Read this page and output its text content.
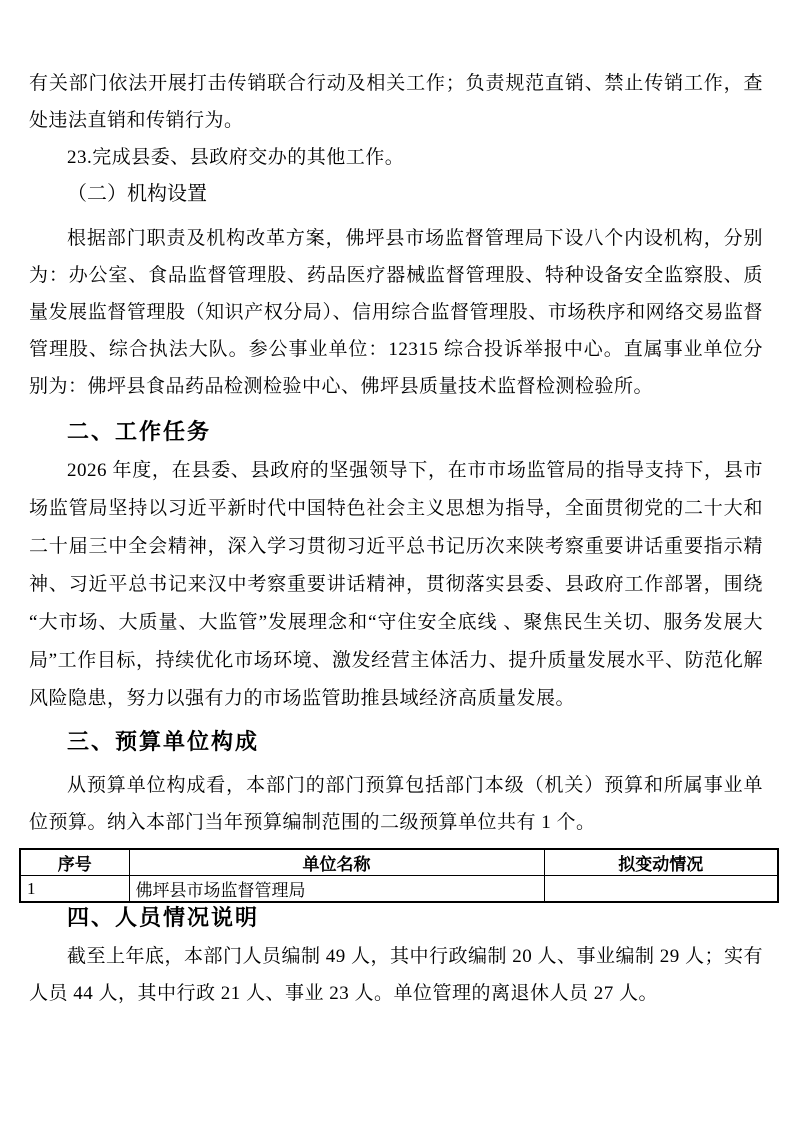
有关部门依法开展打击传销联合行动及相关工作；负责规范直销、禁止传销工作，查处违法直销和传销行为。

23.完成县委、县政府交办的其他工作。

（二）机构设置

根据部门职责及机构改革方案，佛坪县市场监督管理局下设八个内设机构，分别为：办公室、食品监督管理股、药品医疗器械监督管理股、特种设备安全监察股、质量发展监督管理股（知识产权分局）、信用综合监督管理股、市场秩序和网络交易监督管理股、综合执法大队。参公事业单位：12315 综合投诉举报中心。直属事业单位分别为：佛坪县食品药品检测检验中心、佛坪县质量技术监督检测检验所。

二、工作任务

2026 年度，在县委、县政府的坚强领导下，在市市场监管局的指导支持下，县市场监管局坚持以习近平新时代中国特色社会主义思想为指导，全面贯彻党的二十大和二十届三中全会精神，深入学习贯彻习近平总书记历次来陕考察重要讲话重要指示精神、习近平总书记来汉中考察重要讲话精神，贯彻落实县委、县政府工作部署，围绕“大市场、大质量、大监管”发展理念和“守住安全底线 、聚焦民生关切、服务发展大局”工作目标，持续优化市场环境、激发经营主体活力、提升质量发展水平、防范化解风险隐患，努力以强有力的市场监管助推县域经济高质量发展。

三、预算单位构成

从预算单位构成看，本部门的部门预算包括部门本级（机关）预算和所属事业单位预算。纳入本部门当年预算编制范围的二级预算单位共有 1 个。

序号	单位名称	拟变动情况
1	佛坪县市场监督管理局	
四、人员情况说明

截至上年底，本部门人员编制 49 人，其中行政编制 20 人、事业编制 29 人；实有人员 44 人，其中行政 21 人、事业 23 人。单位管理的离退休人员 27 人。
